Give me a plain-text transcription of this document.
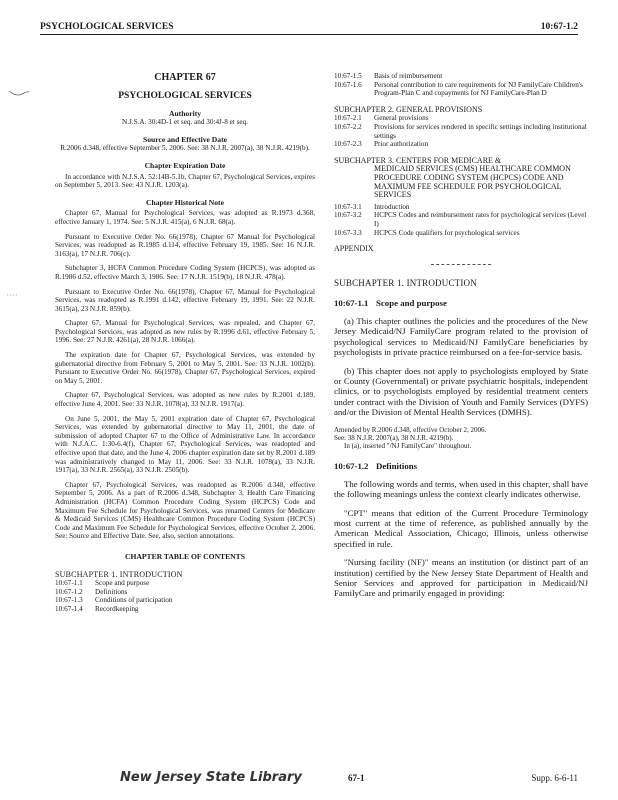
PSYCHOLOGICAL SERVICES	10:67-1.2
CHAPTER 67
PSYCHOLOGICAL SERVICES
Authority
N.J.S.A. 30:4D-1 et seq. and 30:4J-8 et seq.
Source and Effective Date
R.2006 d.348, effective September 5, 2006. See: 38 N.J.R. 2007(a), 38 N.J.R. 4219(b).
Chapter Expiration Date
In accordance with N.J.S.A. 52:14B-5.1b, Chapter 67, Psychological Services, expires on September 5, 2013. See: 43 N.J.R. 1203(a).
Chapter Historical Note
Chapter 67, Manual for Psychological Services, was adopted as R.1973 d.368, effective January 1, 1974. See: 5 N.J.R. 415(a), 6 N.J.R. 68(a).
Pursuant to Executive Order No. 66(1978), Chapter 67 Manual for Psychological Services, was readopted as R.1985 d.114, effective February 19, 1985. See: 16 N.J.R. 3163(a), 17 N.J.R. 706(c).
Subchapter 3, HCFA Common Procedure Coding System (HCPCS), was adopted as R.1986 d.52, effective March 3, 1986. See: 17 N.J.R. 1519(b), 18 N.J.R. 478(a).
Pursuant to Executive Order No. 66(1978), Chapter 67, Manual for Psychological Services, was readopted as R.1991 d.142, effective February 19, 1991. See: 22 N.J.R. 3615(a), 23 N.J.R. 859(b).
Chapter 67, Manual for Psychological Services, was repealed, and Chapter 67, Psychological Services, was adopted as new rules by R.1996 d.61, effective February 5, 1996. See: 27 N.J.R. 4261(a), 28 N.J.R. 1066(a).
The expiration date for Chapter 67, Psychological Services, was extended by gubernatorial directive from February 5, 2001 to May 5, 2001. See: 33 N.J.R. 1002(b). Pursuant to Executive Order No. 66(1978), Chapter 67, Psychological Services, expired on May 5, 2001.
Chapter 67, Psychological Services, was adopted as new rules by R.2001 d.189, effective June 4, 2001. See: 33 N.J.R. 1078(a), 33 N.J.R. 1917(a).
On June 5, 2001, the May 5, 2001 expiration date of Chapter 67, Psychological Services, was extended by gubernatorial directive to May 11, 2001, the date of submission of adopted Chapter 67 to the Office of Administrative Law. In accordance with N.J.A.C. 1:30-6.4(f), Chapter 67, Psychological Services, was readopted and effective upon that date, and the June 4, 2006 chapter expiration date set by R.2001 d.189 was administratively changed to May 11, 2006. See: 33 N.J.R. 1078(a), 33 N.J.R. 1917(a), 33 N.J.R. 2565(a), 33 N.J.R. 2505(b).
Chapter 67, Psychological Services, was readopted as R.2006 d.348, effective September 5, 2006. As a part of R.2006 d.348, Subchapter 3, Health Care Financing Administration (HCFA) Common Procedure Coding System (HCPCS) Code and Maximum Fee Schedule for Psychological Services, was renamed Centers for Medicare & Medicaid Services (CMS) Healthcare Common Procedure Coding System (HCPCS) Code and Maximum Fee Schedule for Psychological Services, effective October 2, 2006. See: Source and Effective Date. See, also, section annotations.
CHAPTER TABLE OF CONTENTS
SUBCHAPTER 1. INTRODUCTION
10:67-1.1	Scope and purpose
10:67-1.2	Definitions
10:67-1.3	Conditions of participation
10:67-1.4	Recordkeeping
10:67-1.5	Basis of reimbursement
10:67-1.6	Personal contribution to care requirements for NJ FamilyCare Children's Program-Plan C and copayments for NJ FamilyCare-Plan D
SUBCHAPTER 2. GENERAL PROVISIONS
10:67-2.1	General provisions
10:67-2.2	Provisions for services rendered in specific settings including institutional settings
10:67-2.3	Prior authorization
SUBCHAPTER 3. CENTERS FOR MEDICARE &
MEDICAID SERVICES (CMS) HEALTHCARE COMMON PROCEDURE CODING SYSTEM (HCPCS) CODE AND MAXIMUM FEE SCHEDULE FOR PSYCHOLOGICAL SERVICES
10:67-3.1	Introduction
10:67-3.2	HCPCS Codes and reimbursement rates for psychological services (Level I)
10:67-3.3	HCPCS Code qualifiers for psychological services
APPENDIX
SUBCHAPTER 1. INTRODUCTION
10:67-1.1 Scope and purpose
(a) This chapter outlines the policies and the procedures of the New Jersey Medicaid/NJ FamilyCare program related to the provision of psychological services to Medicaid/NJ FamilyCare beneficiaries by psychologists in private practice reimbursed on a fee-for-service basis.
(b) This chapter does not apply to psychologists employed by State or County (Governmental) or private psychiatric hospitals, independent clinics, or to psychologists employed by residential treatment centers under contract with the Division of Youth and Family Services (DYFS) and/or the Division of Mental Health Services (DMHS).
Amended by R.2006 d.348, effective October 2, 2006.
See: 38 N.J.R. 2007(a), 38 N.J.R. 4219(b).
In (a), inserted "/NJ FamilyCare" throughout.
10:67-1.2 Definitions
The following words and terms, when used in this chapter, shall have the following meanings unless the context clearly indicates otherwise.
"CPT" means that edition of the Current Procedure Terminology most current at the time of reference, as published annually by the American Medical Association, Chicago, Illinois, unless otherwise specified in rule.
"Nursing facility (NF)" means an institution (or distinct part of an institution) certified by the New Jersey State Department of Health and Senior Services and approved for participation in Medicaid/NJ FamilyCare and primarily engaged in providing:
New Jersey State Library	67-1	Supp. 6-6-11
